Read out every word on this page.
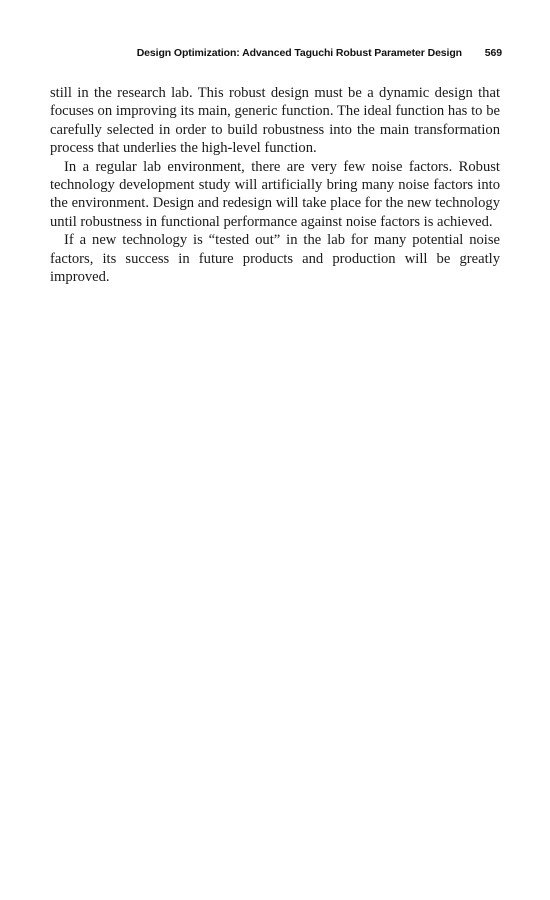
Design Optimization: Advanced Taguchi Robust Parameter Design 569

still in the research lab. This robust design must be a dynamic design that focuses on improving its main, generic function. The ideal function has to be carefully selected in order to build robustness into the main transformation process that underlies the high-level function.

In a regular lab environment, there are very few noise factors. Robust technology development study will artificially bring many noise factors into the environment. Design and redesign will take place for the new technology until robustness in functional performance against noise factors is achieved.

If a new technology is “tested out” in the lab for many potential noise factors, its success in future products and production will be greatly improved.
